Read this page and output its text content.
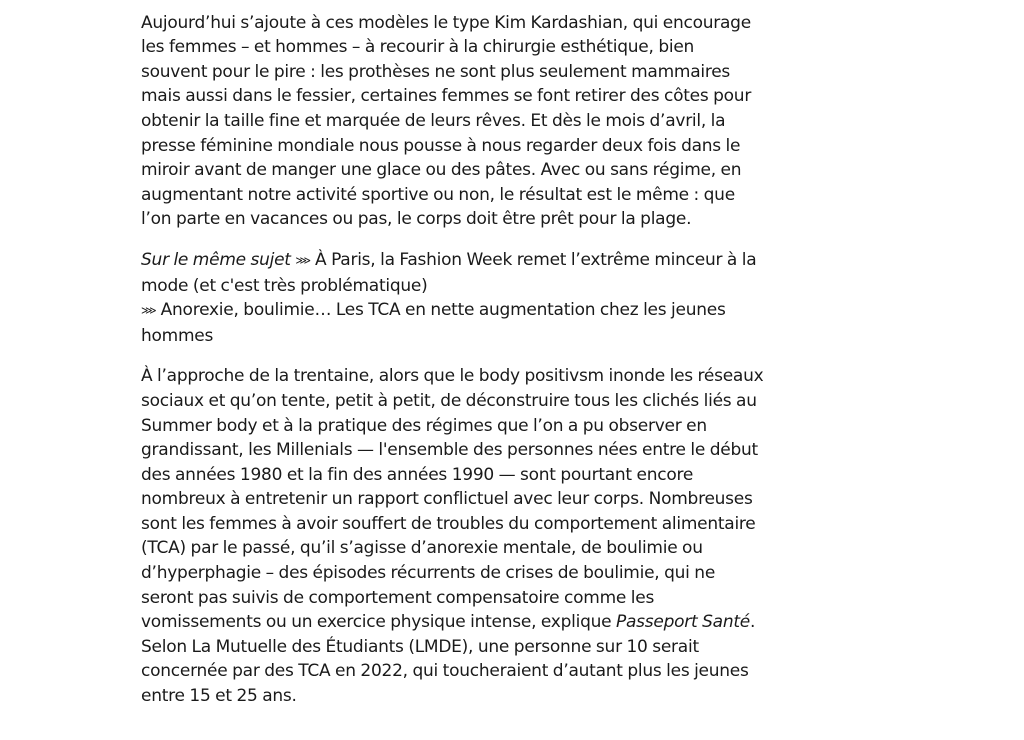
Aujourd’hui s’ajoute à ces modèles le type Kim Kardashian, qui encourage
les femmes – et hommes – à recourir à la chirurgie esthétique, bien
souvent pour le pire : les prothèses ne sont plus seulement mammaires
mais aussi dans le fessier, certaines femmes se font retirer des côtes pour
obtenir la taille fine et marquée de leurs rêves. Et dès le mois d’avril, la
presse féminine mondiale nous pousse à nous regarder deux fois dans le
miroir avant de manger une glace ou des pâtes. Avec ou sans régime, en
augmentant notre activité sportive ou non, le résultat est le même : que
l’on parte en vacances ou pas, le corps doit être prêt pour la plage.

Sur le même sujet ⋙ À Paris, la Fashion Week remet l’extrême minceur à la
mode (et c'est très problématique)
⋙ Anorexie, boulimie… Les TCA en nette augmentation chez les jeunes
hommes

À l’approche de la trentaine, alors que le body positivsm inonde les réseaux
sociaux et qu’on tente, petit à petit, de déconstruire tous les clichés liés au
Summer body et à la pratique des régimes que l’on a pu observer en
grandissant, les Millenials — l'ensemble des personnes nées entre le début
des années 1980 et la fin des années 1990 — sont pourtant encore
nombreux à entretenir un rapport conflictuel avec leur corps. Nombreuses
sont les femmes à avoir souffert de troubles du comportement alimentaire
(TCA) par le passé, qu’il s’agisse d’anorexie mentale, de boulimie ou
d’hyperphagie – des épisodes récurrents de crises de boulimie, qui ne
seront pas suivis de comportement compensatoire comme les
vomissements ou un exercice physique intense, explique Passeport Santé.
Selon La Mutuelle des Étudiants (LMDE), une personne sur 10 serait
concernée par des TCA en 2022, qui toucheraient d’autant plus les jeunes
entre 15 et 25 ans.
